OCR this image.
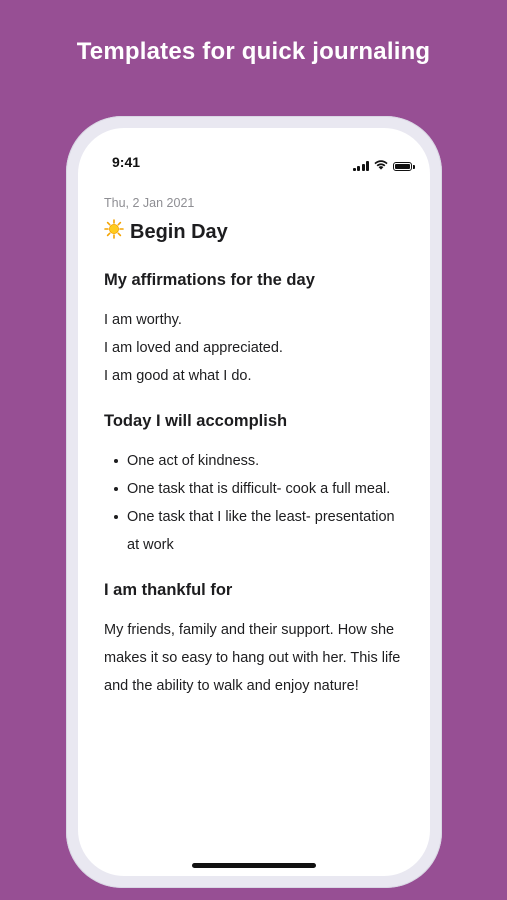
Templates for quick journaling
9:41

Thu, 2 Jan 2021

Begin Day

My affirmations for the day

I am worthy.

I am loved and appreciated.

I am good at what I do.

Today I will accomplish

One act of kindness.
One task that is difficult- cook a full meal.
One task that I like the least- presentation at work

I am thankful for

My friends, family and their support. How she makes it so easy to hang out with her. This life and the ability to walk and enjoy nature!
